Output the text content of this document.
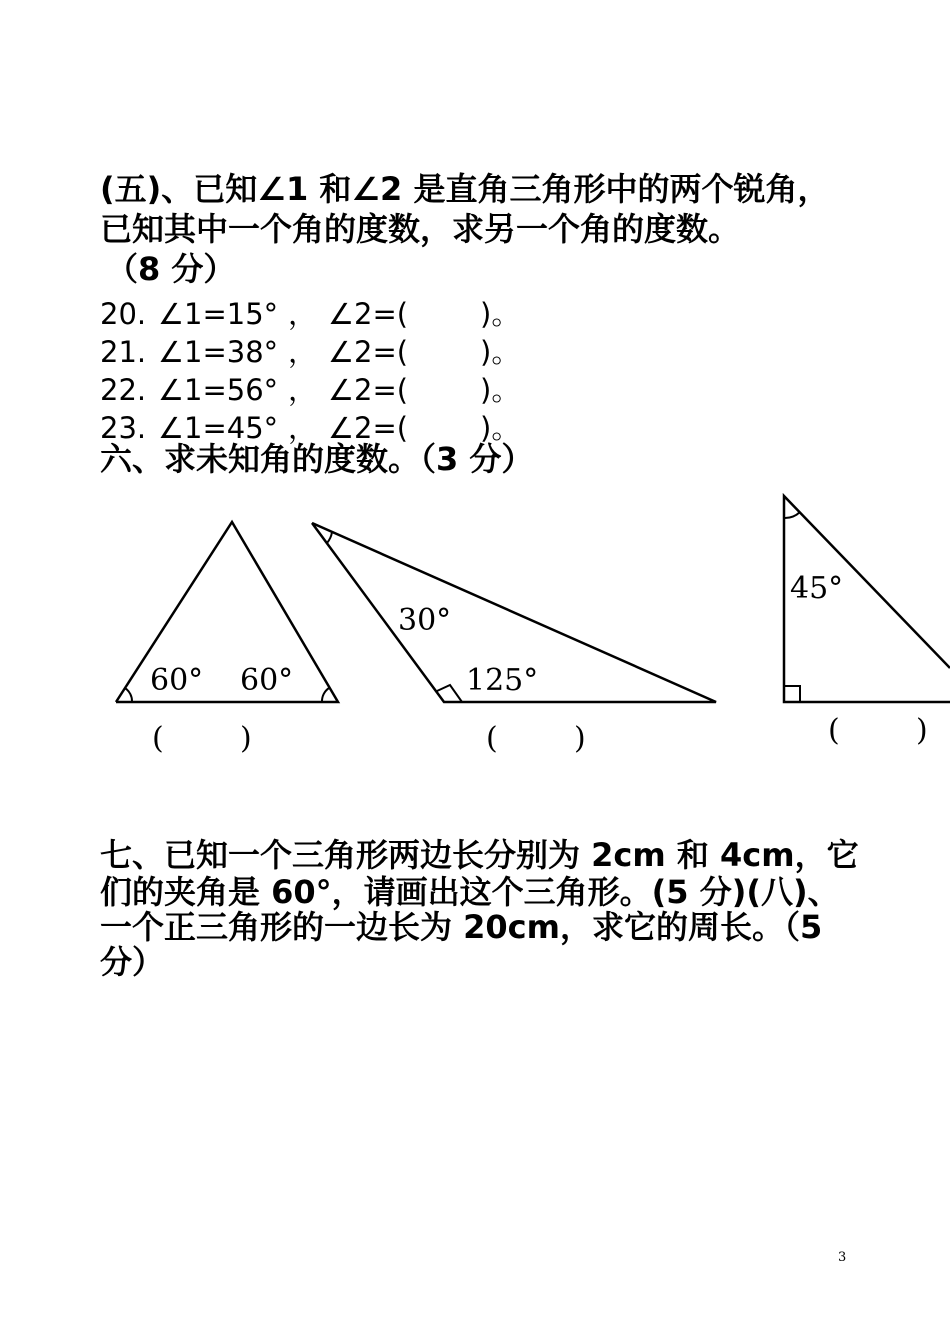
(五)、已知∠1 和∠2 是直角三角形中的两个锐角，
已知其中一个角的度数，求另一个角的度数。
（8 分）
20. ∠1=15° ， ∠2=( )。
21. ∠1=38° ， ∠2=( )。
22. ∠1=56° ， ∠2=( )。
23. ∠1=45° ， ∠2=( )。
六、求未知角的度数。（3 分）
60° 60°
(        )
30°
125°
(        )
45°
(        )
七、已知一个三角形两边长分别为 2cm 和 4cm，它
们的夹角是 60°，请画出这个三角形。(5 分)(八)、
一个正三角形的一边长为 20cm，求它的周长。（5
分）
3
